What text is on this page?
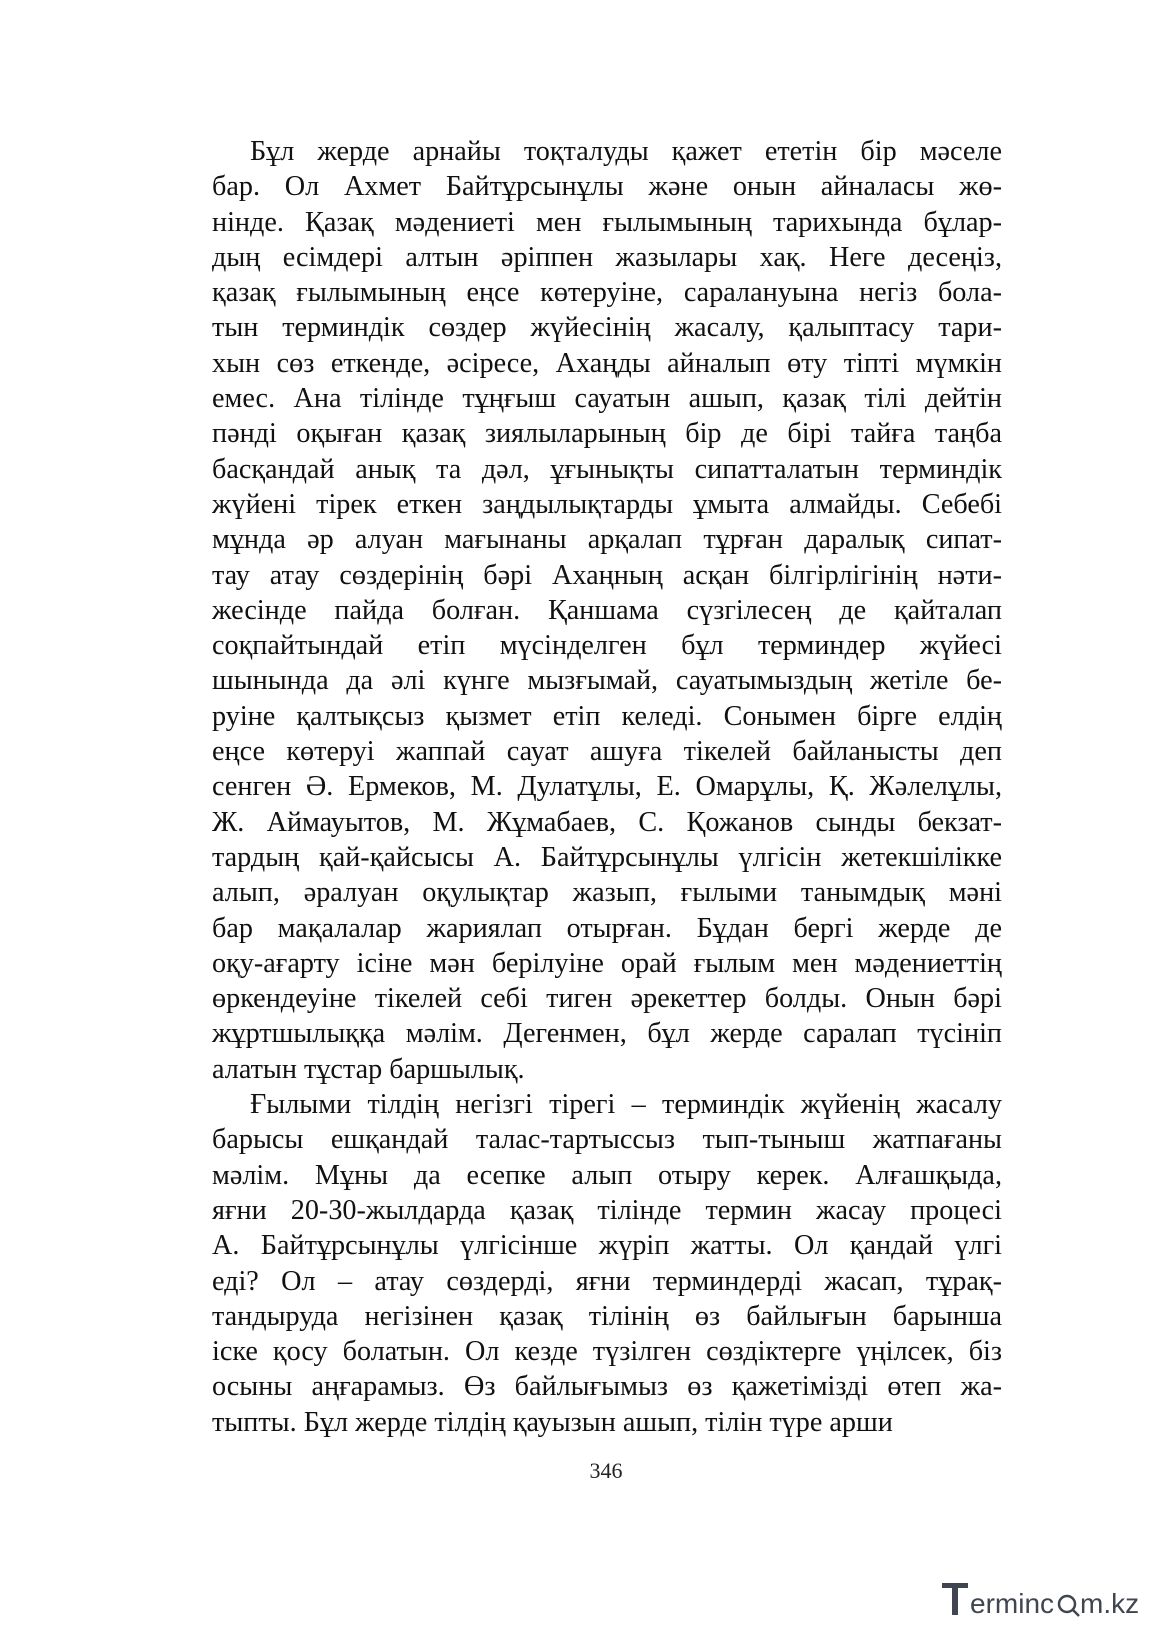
Бұл жерде арнайы тоқталуды қажет ететін бір мәселе
бар. Ол Ахмет Байтұрсынұлы және онын айналасы жө-
нінде. Қазақ мәдениеті мен ғылымының тарихында бұлар-
дың есімдері алтын әріппен жазылары хақ. Неге десеңіз,
қазақ ғылымының еңсе көтеруіне, саралануына негіз бола-
тын терминдік сөздер жүйесінің жасалу, қалыптасу тари-
хын сөз еткенде, әсіресе, Ахаңды айналып өту тіпті мүмкін
емес. Ана тілінде тұңғыш сауатын ашып, қазақ тілі дейтін
пәнді оқыған қазақ зиялыларының бір де бірі тайға таңба
басқандай анық та дәл, ұғынықты сипатталатын терминдік
жүйені тірек еткен заңдылықтарды ұмыта алмайды. Себебі
мұнда әр алуан мағынаны арқалап тұрған даралық сипат-
тау атау сөздерінің бәрі Ахаңның асқан білгірлігінің нәти-
жесінде пайда болған. Қаншама сүзгілесең де қайталап
соқпайтындай етіп мүсінделген бұл терминдер жүйесі
шынында да әлі күнге мызғымай, сауатымыздың жетіле бе-
руіне қалтықсыз қызмет етіп келеді. Сонымен бірге елдің
еңсе көтеруі жаппай сауат ашуға тікелей байланысты деп
сенген Ә. Ермеков, М. Дулатұлы, Е. Омарұлы, Қ. Жәлелұлы,
Ж. Аймауытов, М. Жұмабаев, С. Қожанов сынды бекзат-
тардың қай-қайсысы А. Байтұрсынұлы үлгісін жетекшілікке
алып, әралуан оқулықтар жазып, ғылыми танымдық мәні
бар мақалалар жариялап отырған. Бұдан бергі жерде де
оқу-ағарту ісіне мән берілуіне орай ғылым мен мәдениеттің
өркендеуіне тікелей себі тиген әрекеттер болды. Онын бәрі
жұртшылыққа мәлім. Дегенмен, бұл жерде саралап түсініп
алатын тұстар баршылық.
Ғылыми тілдің негізгі тірегі – терминдік жүйенің жасалу
барысы ешқандай талас-тартыссыз тып-тыныш жатпағаны
мәлім. Мұны да есепке алып отыру керек. Алғашқыда,
яғни 20-30-жылдарда қазақ тілінде термин жасау процесі
А. Байтұрсынұлы үлгісінше жүріп жатты. Ол қандай үлгі
еді? Ол – атау сөздерді, яғни терминдерді жасап, тұрақ-
тандыруда негізінен қазақ тілінің өз байлығын барынша
іске қосу болатын. Ол кезде түзілген сөздіктерге үңілсек, біз
осыны аңғарамыз. Өз байлығымыз өз қажетімізді өтеп жа-
тыпты. Бұл жерде тілдің қауызын ашып, тілін түре арши
346
erminc m.kz
